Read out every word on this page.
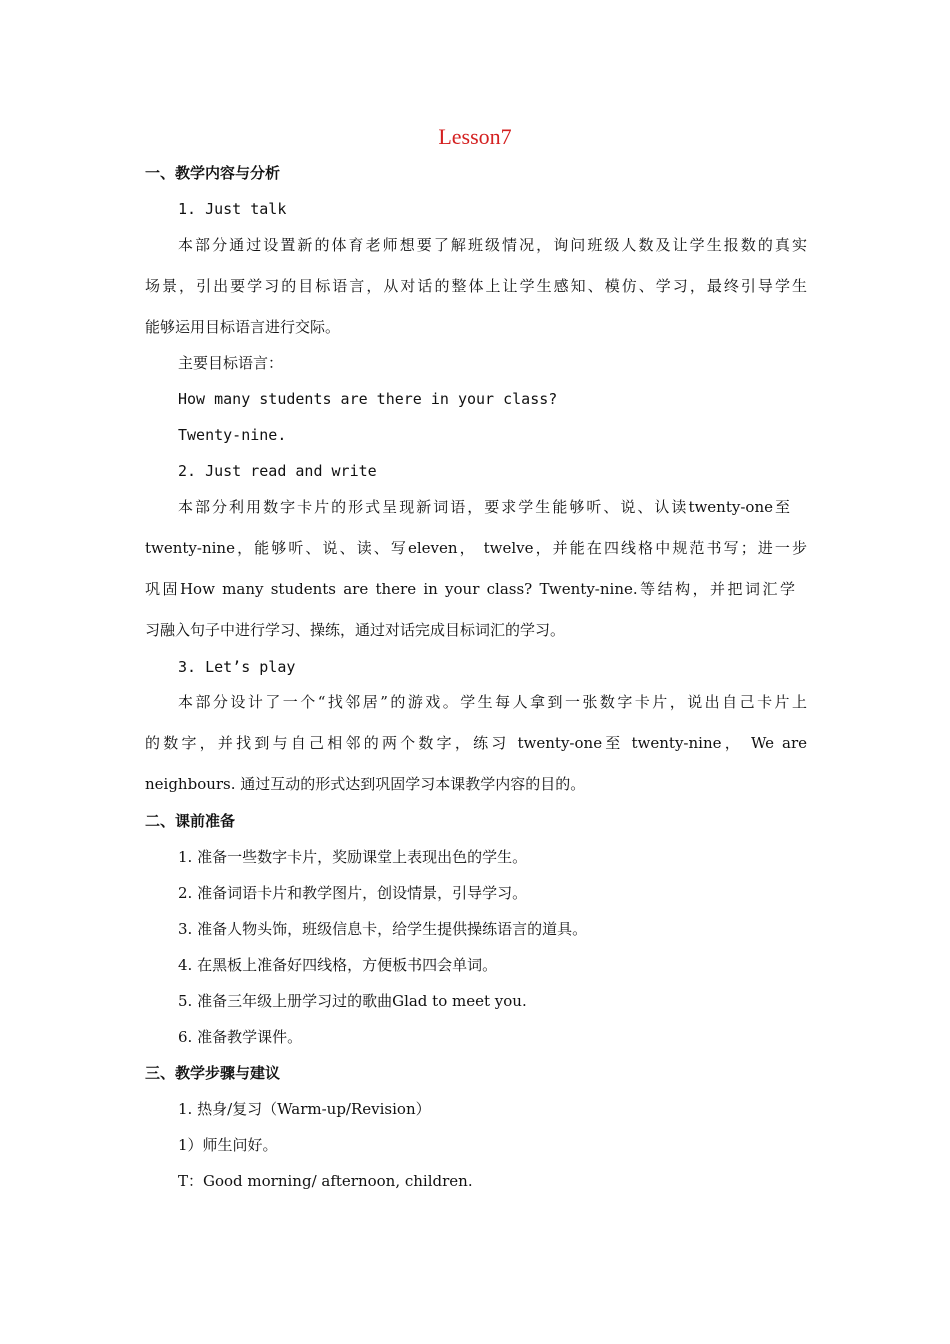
Lesson7

一、教学内容与分析

1. Just talk

本部分通过设置新的体育老师想要了解班级情况，询问班级人数及让学生报数的真实

场景，引出要学习的目标语言，从对话的整体上让学生感知、模仿、学习，最终引导学生

能够运用目标语言进行交际。

主要目标语言：

How many students are there in your class?

Twenty-nine.

2. Just read and write

本部分利用数字卡片的形式呈现新词语，要求学生能够听、说、认读twenty-one至

twenty-nine，能够听、说、读、写eleven， twelve，并能在四线格中规范书写；进一步

巩固How many students are there in your class? Twenty-nine.等结构，并把词汇学

习融入句子中进行学习、操练，通过对话完成目标词汇的学习。

3. Let’s play

本部分设计了一个“找邻居”的游戏。学生每人拿到一张数字卡片，说出自己卡片上

的数字，并找到与自己相邻的两个数字，练习 twenty-one至 twenty-nine， We are

neighbours. 通过互动的形式达到巩固学习本课教学内容的目的。

二、课前准备

1. 准备一些数字卡片，奖励课堂上表现出色的学生。

2. 准备词语卡片和教学图片，创设情景，引导学习。

3. 准备人物头饰，班级信息卡，给学生提供操练语言的道具。

4. 在黑板上准备好四线格，方便板书四会单词。

5. 准备三年级上册学习过的歌曲Glad to meet you.

6. 准备教学课件。

三、教学步骤与建议

1. 热身/复习（Warm-up/Revision）

1）师生问好。

T：Good morning/ afternoon, children.
